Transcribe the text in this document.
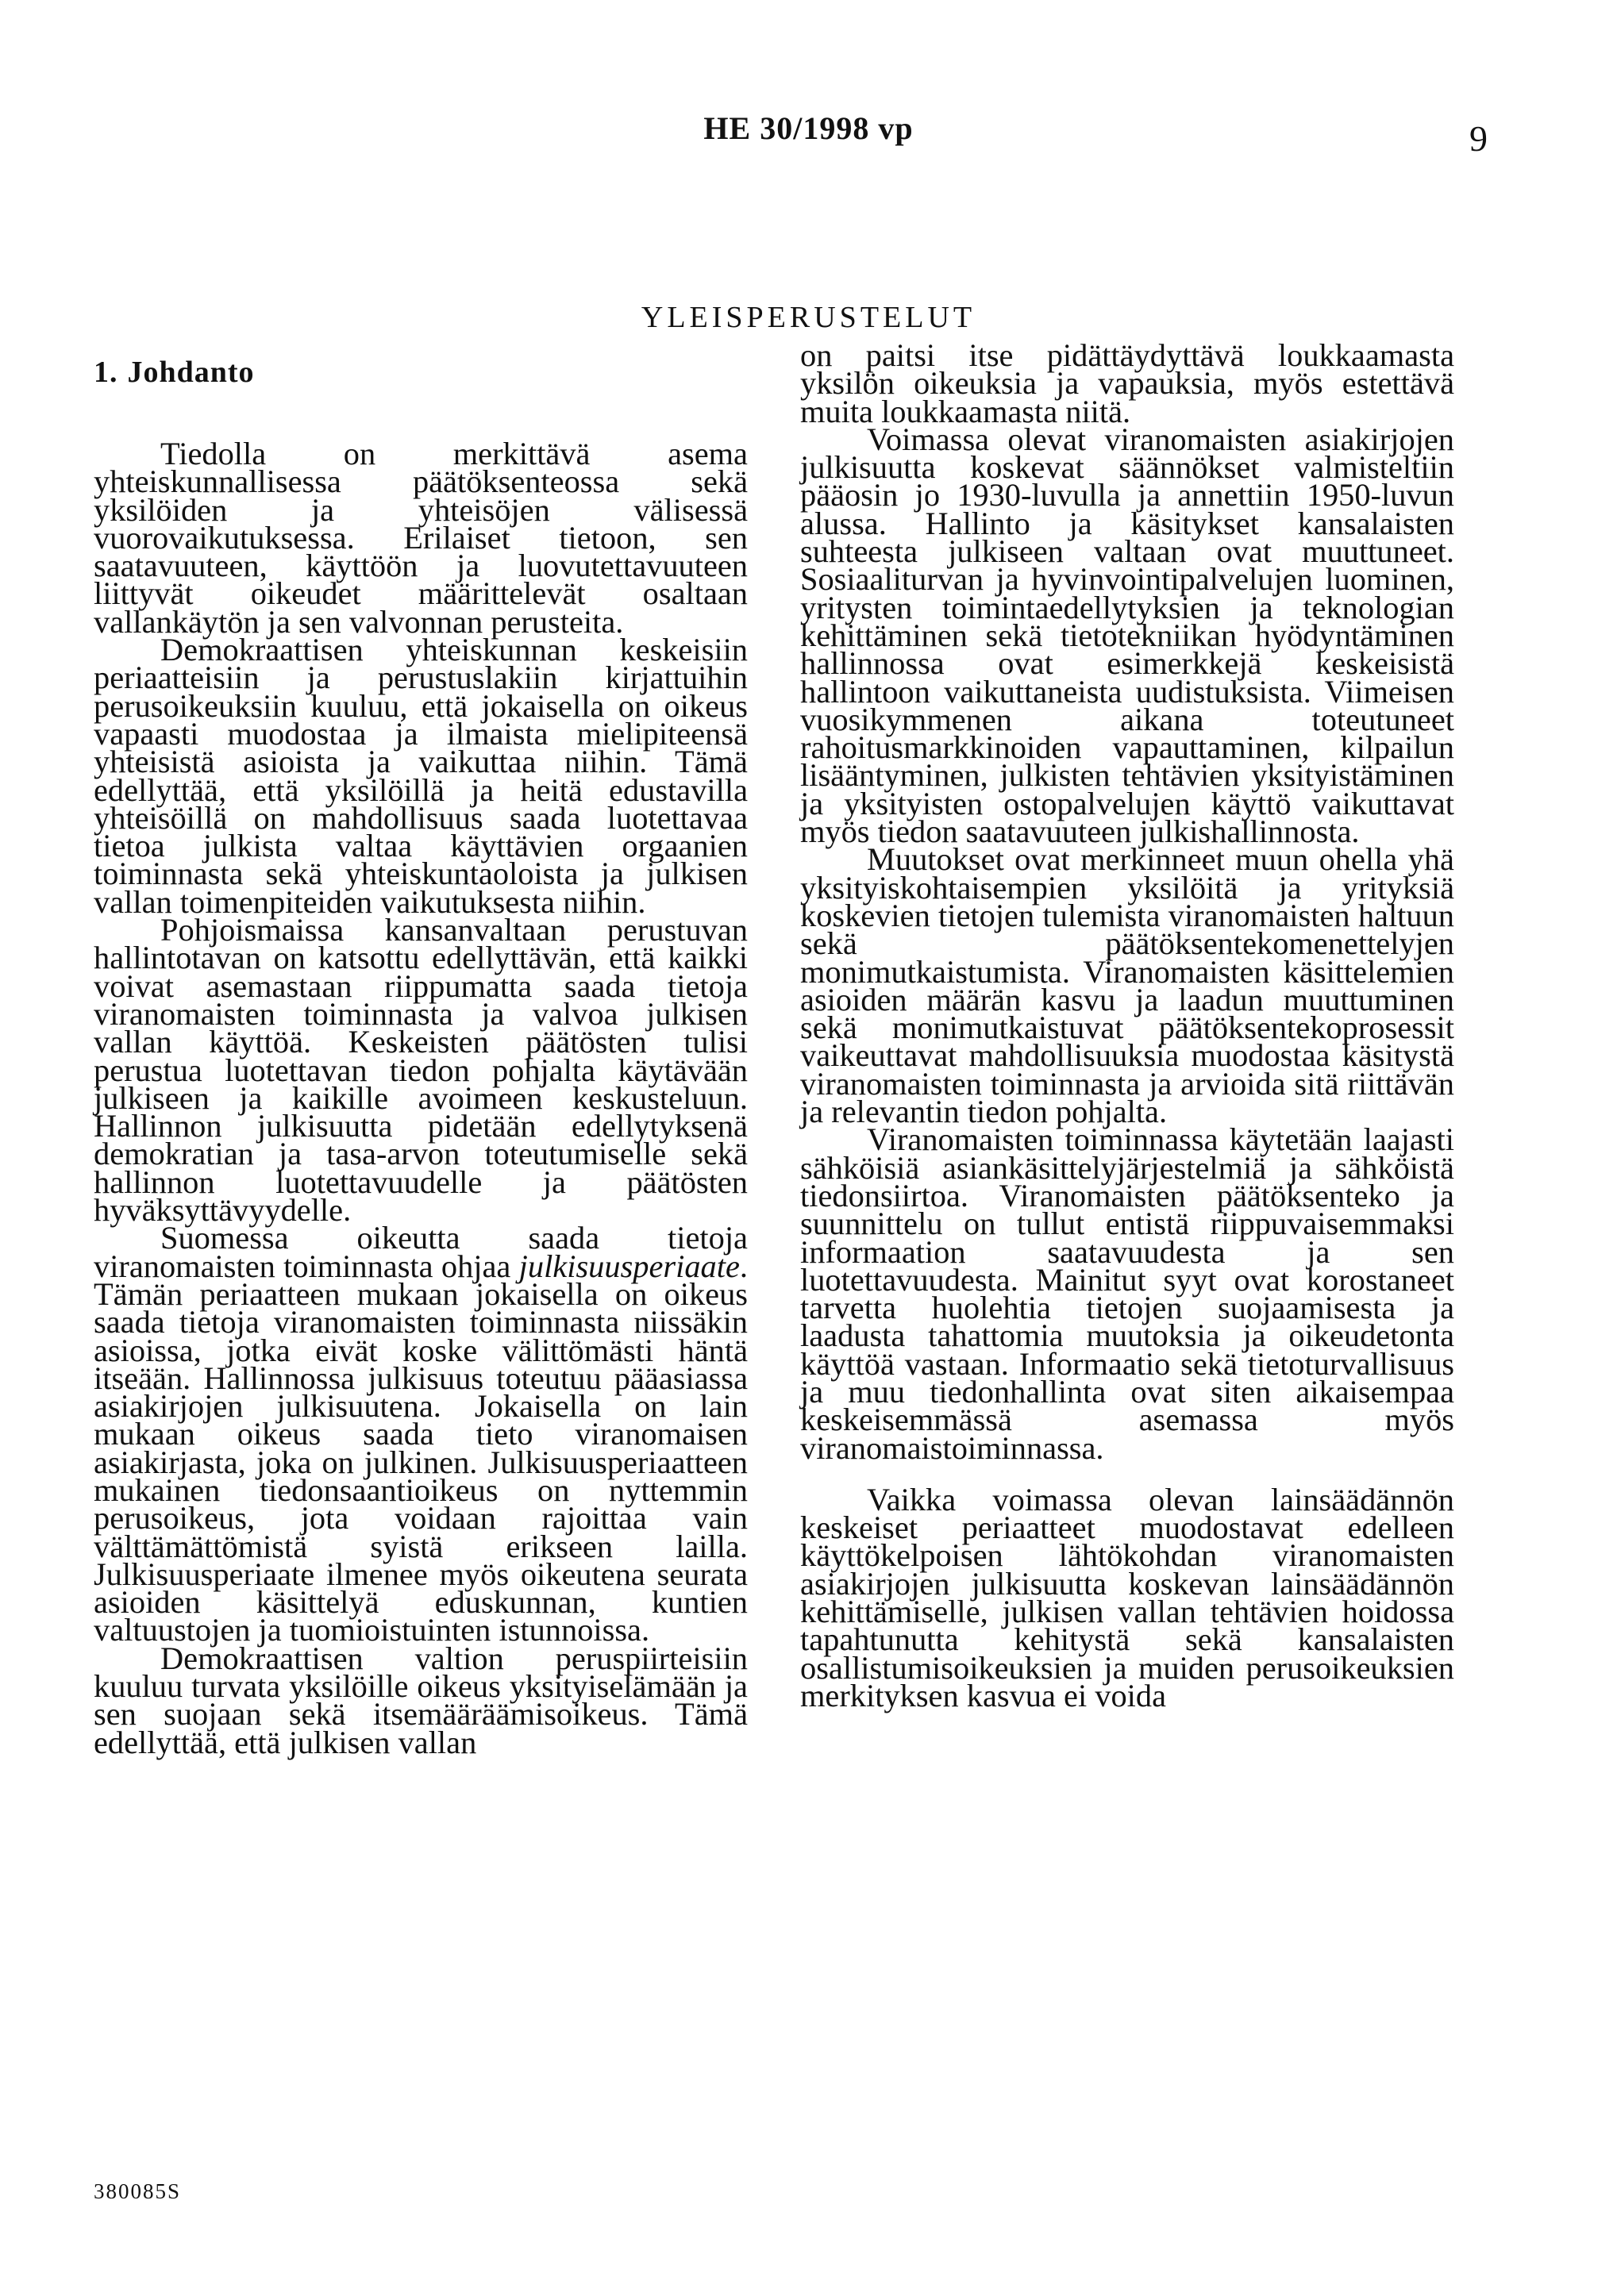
HE 30/1998 vp	9
YLEISPERUSTELUT
1. Johdanto

Tiedolla on merkittävä asema yhteiskunnallisessa päätöksenteossa sekä yksilöiden ja yhteisöjen välisessä vuorovaikutuksessa. Erilaiset tietoon, sen saatavuuteen, käyttöön ja luovutettavuuteen liittyvät oikeudet määrittelevät osaltaan vallankäytön ja sen valvonnan perusteita.

Demokraattisen yhteiskunnan keskeisiin periaatteisiin ja perustuslakiin kirjattuihin perusoikeuksiin kuuluu, että jokaisella on oikeus vapaasti muodostaa ja ilmaista mielipiteensä yhteisistä asioista ja vaikuttaa niihin. Tämä edellyttää, että yksilöillä ja heitä edustavilla yhteisöillä on mahdollisuus saada luotettavaa tietoa julkista valtaa käyttävien orgaanien toiminnasta sekä yhteiskuntaoloista ja julkisen vallan toimenpiteiden vaikutuksesta niihin.

Pohjoismaissa kansanvaltaan perustuvan hallintotavan on katsottu edellyttävän, että kaikki voivat asemastaan riippumatta saada tietoja viranomaisten toiminnasta ja valvoa julkisen vallan käyttöä. Keskeisten päätösten tulisi perustua luotettavan tiedon pohjalta käytävään julkiseen ja kaikille avoimeen keskusteluun. Hallinnon julkisuutta pidetään edellytyksenä demokratian ja tasa-arvon toteutumiselle sekä hallinnon luotettavuudelle ja päätösten hyväksyttävyydelle.

Suomessa oikeutta saada tietoja viranomaisten toiminnasta ohjaa julkisuusperiaate. Tämän periaatteen mukaan jokaisella on oikeus saada tietoja viranomaisten toiminnasta niissäkin asioissa, jotka eivät koske välittömästi häntä itseään. Hallinnossa julkisuus toteutuu pääasiassa asiakirjojen julkisuutena. Jokaisella on lain mukaan oikeus saada tieto viranomaisen asiakirjasta, joka on julkinen. Julkisuusperiaatteen mukainen tiedonsaantioikeus on nyttemmin perusoikeus, jota voidaan rajoittaa vain välttämättömistä syistä erikseen lailla. Julkisuusperiaate ilmenee myös oikeutena seurata asioiden käsittelyä eduskunnan, kuntien valtuustojen ja tuomioistuinten istunnoissa.

Demokraattisen valtion peruspiirteisiin kuuluu turvata yksilöille oikeus yksityiselämään ja sen suojaan sekä itsemääräämisoikeus. Tämä edellyttää, että julkisen vallan

on paitsi itse pidättäydyttävä loukkaamasta yksilön oikeuksia ja vapauksia, myös estettävä muita loukkaamasta niitä.

Voimassa olevat viranomaisten asiakirjojen julkisuutta koskevat säännökset valmisteltiin pääosin jo 1930-luvulla ja annettiin 1950-luvun alussa. Hallinto ja käsitykset kansalaisten suhteesta julkiseen valtaan ovat muuttuneet. Sosiaaliturvan ja hyvinvointipalvelujen luominen, yritysten toimintaedellytyksien ja teknologian kehittäminen sekä tietotekniikan hyödyntäminen hallinnossa ovat esimerkkejä keskeisistä hallintoon vaikuttaneista uudistuksista. Viimeisen vuosikymmenen aikana toteutuneet rahoitusmarkkinoiden vapauttaminen, kilpailun lisääntyminen, julkisten tehtävien yksityistäminen ja yksityisten ostopalvelujen käyttö vaikuttavat myös tiedon saatavuuteen julkishallinnosta.

Muutokset ovat merkinneet muun ohella yhä yksityiskohtaisempien yksilöitä ja yrityksiä koskevien tietojen tulemista viranomaisten haltuun sekä päätöksentekomenettelyjen monimutkaistumista. Viranomaisten käsittelemien asioiden määrän kasvu ja laadun muuttuminen sekä monimutkaistuvat päätöksentekoprosessit vaikeuttavat mahdollisuuksia muodostaa käsitystä viranomaisten toiminnasta ja arvioida sitä riittävän ja relevantin tiedon pohjalta.

Viranomaisten toiminnassa käytetään laajasti sähköisiä asiankäsittelyjärjestelmiä ja sähköistä tiedonsiirtoa. Viranomaisten päätöksenteko ja suunnittelu on tullut entistä riippuvaisemmaksi informaation saatavuudesta ja sen luotettavuudesta. Mainitut syyt ovat korostaneet tarvetta huolehtia tietojen suojaamisesta ja laadusta tahattomia muutoksia ja oikeudetonta käyttöä vastaan. Informaatio sekä tietoturvallisuus ja muu tiedonhallinta ovat siten aikaisempaa keskeisemmässä asemassa myös viranomaistoiminnassa.

Vaikka voimassa olevan lainsäädännön keskeiset periaatteet muodostavat edelleen käyttökelpoisen lähtökohdan viranomaisten asiakirjojen julkisuutta koskevan lainsäädännön kehittämiselle, julkisen vallan tehtävien hoidossa tapahtunutta kehitystä sekä kansalaisten osallistumisoikeuksien ja muiden perusoikeuksien merkityksen kasvua ei voida

380085S
